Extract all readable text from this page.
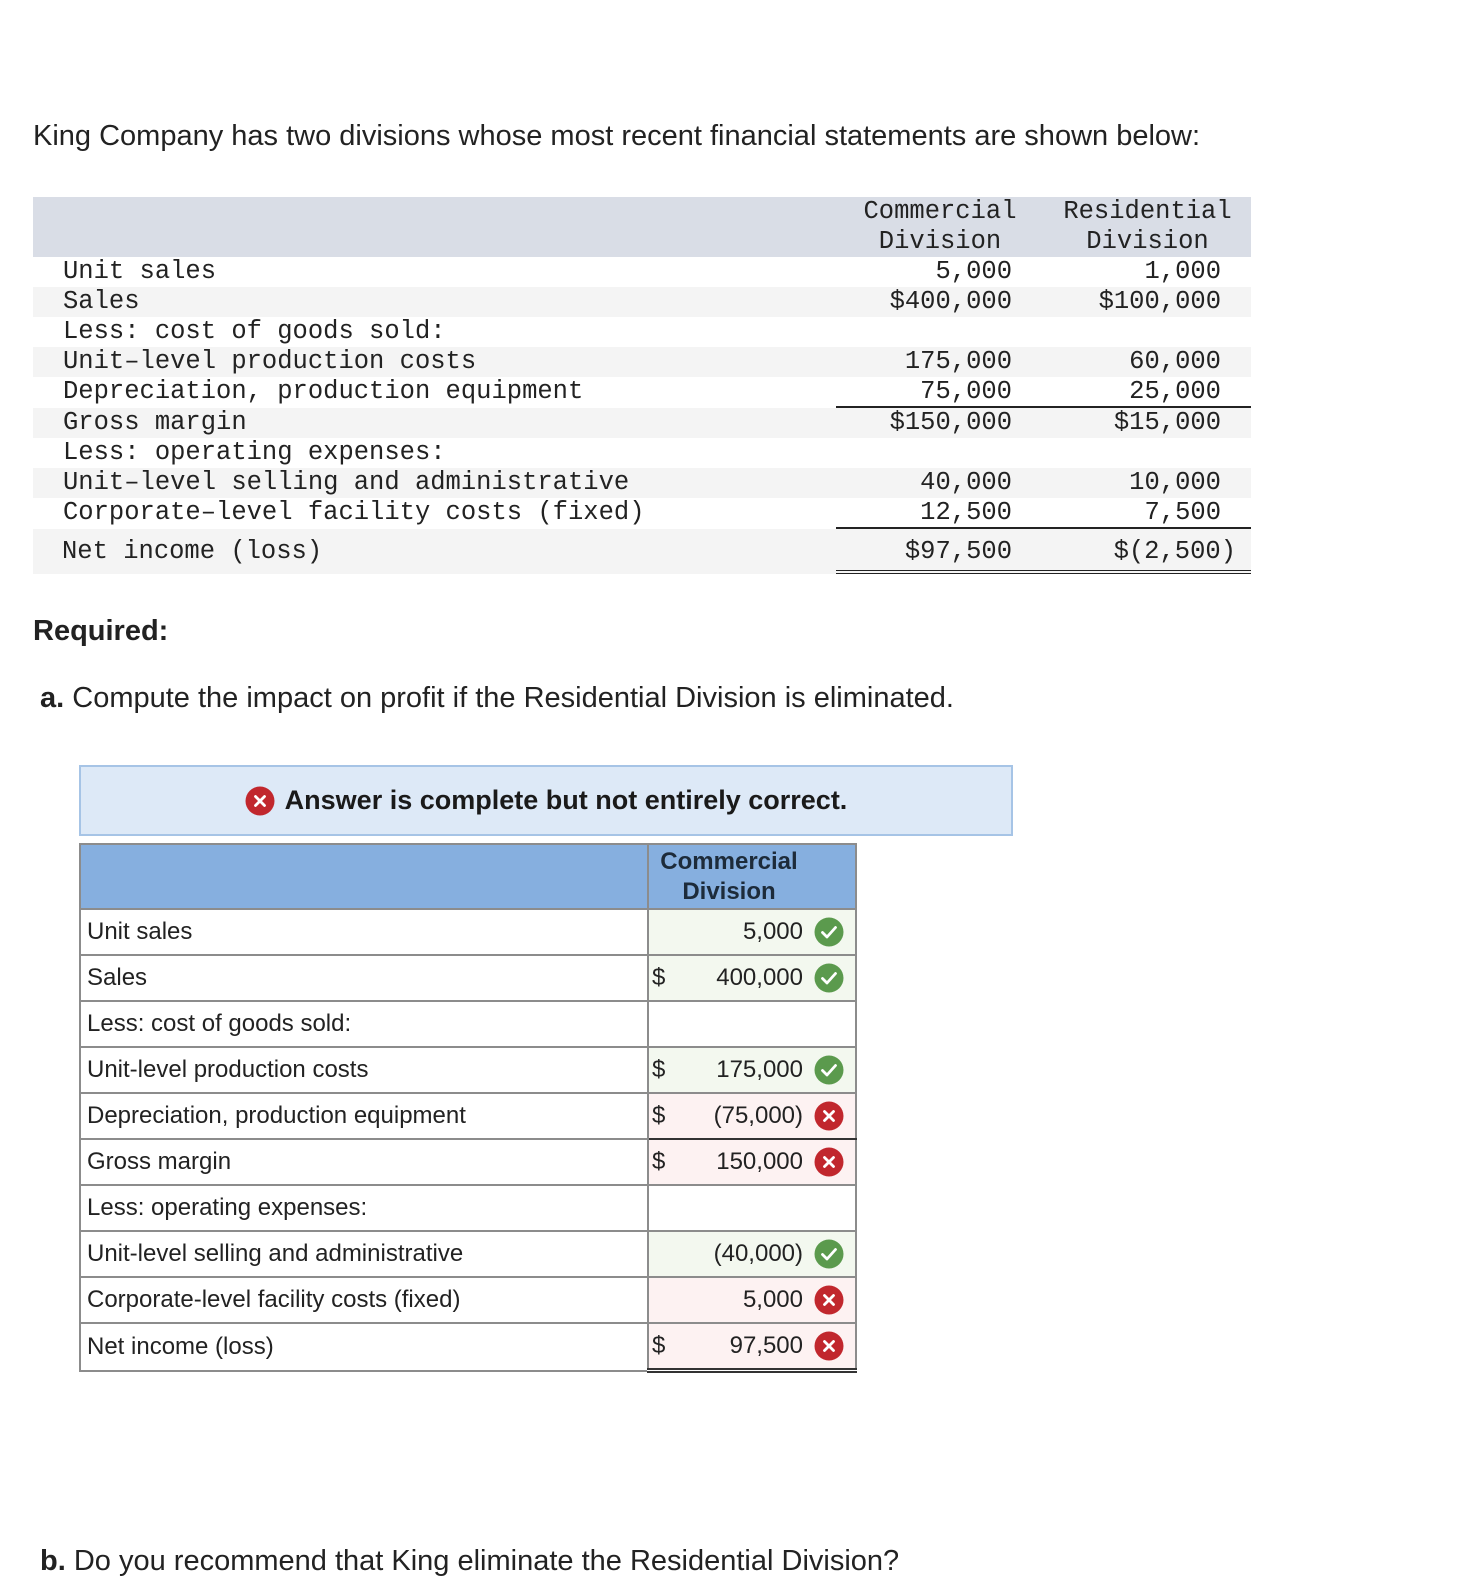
King Company has two divisions whose most recent financial statements are shown below:
Commercial
Division
Residential
Division
Unit sales	5,000	1,000
Sales	$400,000	$100,000
Less: cost of goods sold:
Unit–level production costs	175,000	60,000
Depreciation, production equipment	75,000	25,000
Gross margin	$150,000	$15,000
Less: operating expenses:
Unit–level selling and administrative	40,000	10,000
Corporate–level facility costs (fixed)	12,500	7,500
Net income (loss)	$97,500	$(2,500)
Required:
a. Compute the impact on profit if the Residential Division is eliminated.
Answer is complete but not entirely correct.

	Commercial
Division

Unit sales	5,000

Sales	$ 400,000

Less: cost of goods sold:	
Unit-level production costs	$ 175,000

Depreciation, production equipment	$ (75,000)

Gross margin	$ 150,000

Less: operating expenses:	
Unit-level selling and administrative	(40,000)

Corporate-level facility costs (fixed)	5,000

Net income (loss)	$ 97,500
b. Do you recommend that King eliminate the Residential Division?
